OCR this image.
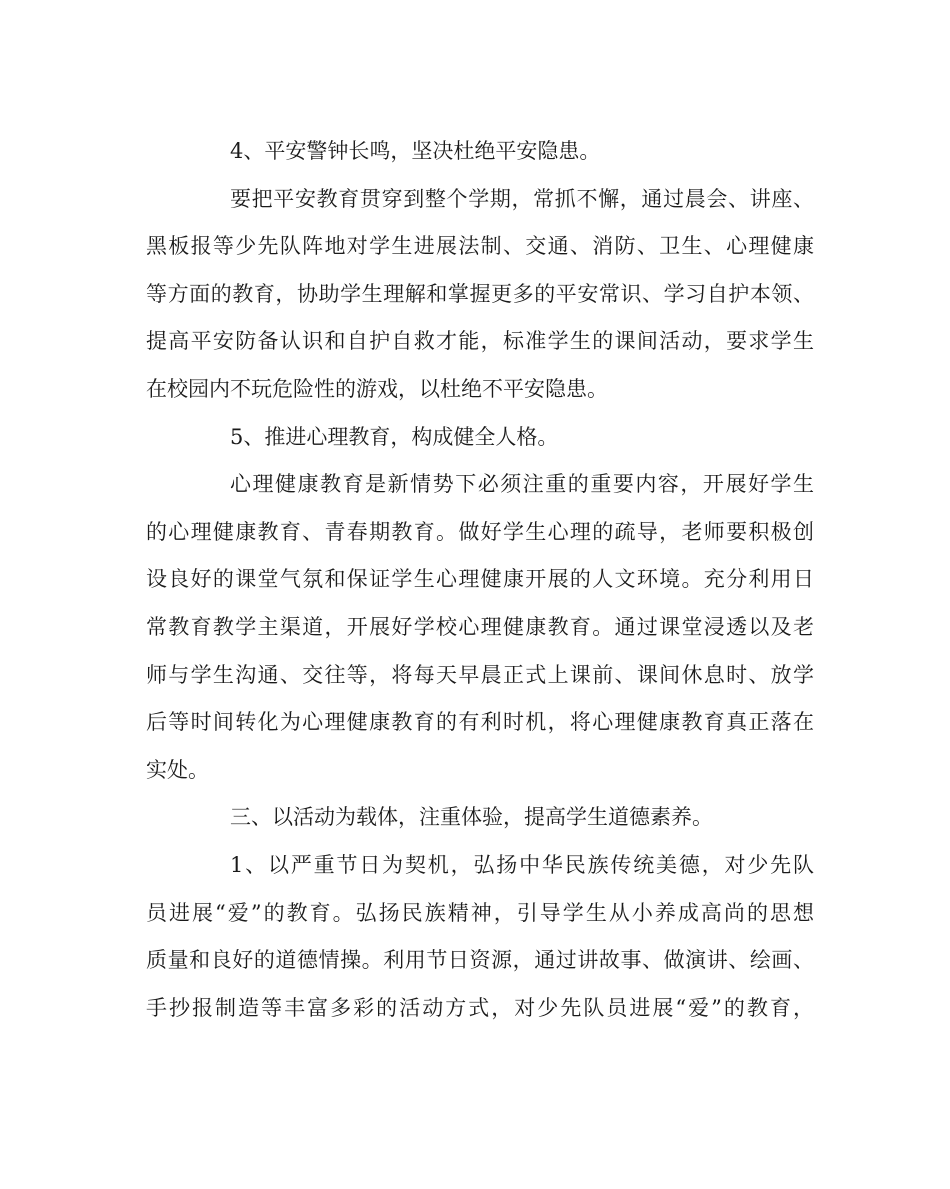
4、平安警钟长鸣，坚决杜绝平安隐患。
要把平安教育贯穿到整个学期，常抓不懈，通过晨会、讲座、
黑板报等少先队阵地对学生进展法制、交通、消防、卫生、心理健康
等方面的教育，协助学生理解和掌握更多的平安常识、学习自护本领、
提高平安防备认识和自护自救才能，标准学生的课间活动，要求学生
在校园内不玩危险性的游戏，以杜绝不平安隐患。
5、推进心理教育，构成健全人格。
心理健康教育是新情势下必须注重的重要内容，开展好学生
的心理健康教育、青春期教育。做好学生心理的疏导，老师要积极创
设良好的课堂气氛和保证学生心理健康开展的人文环境。充分利用日
常教育教学主渠道，开展好学校心理健康教育。通过课堂浸透以及老
师与学生沟通、交往等，将每天早晨正式上课前、课间休息时、放学
后等时间转化为心理健康教育的有利时机，将心理健康教育真正落在
实处。
三、以活动为载体，注重体验，提高学生道德素养。
1、以严重节日为契机，弘扬中华民族传统美德，对少先队
员进展“爱”的教育。弘扬民族精神，引导学生从小养成高尚的思想
质量和良好的道德情操。利用节日资源，通过讲故事、做演讲、绘画、
手抄报制造等丰富多彩的活动方式，对少先队员进展“爱”的教育，
